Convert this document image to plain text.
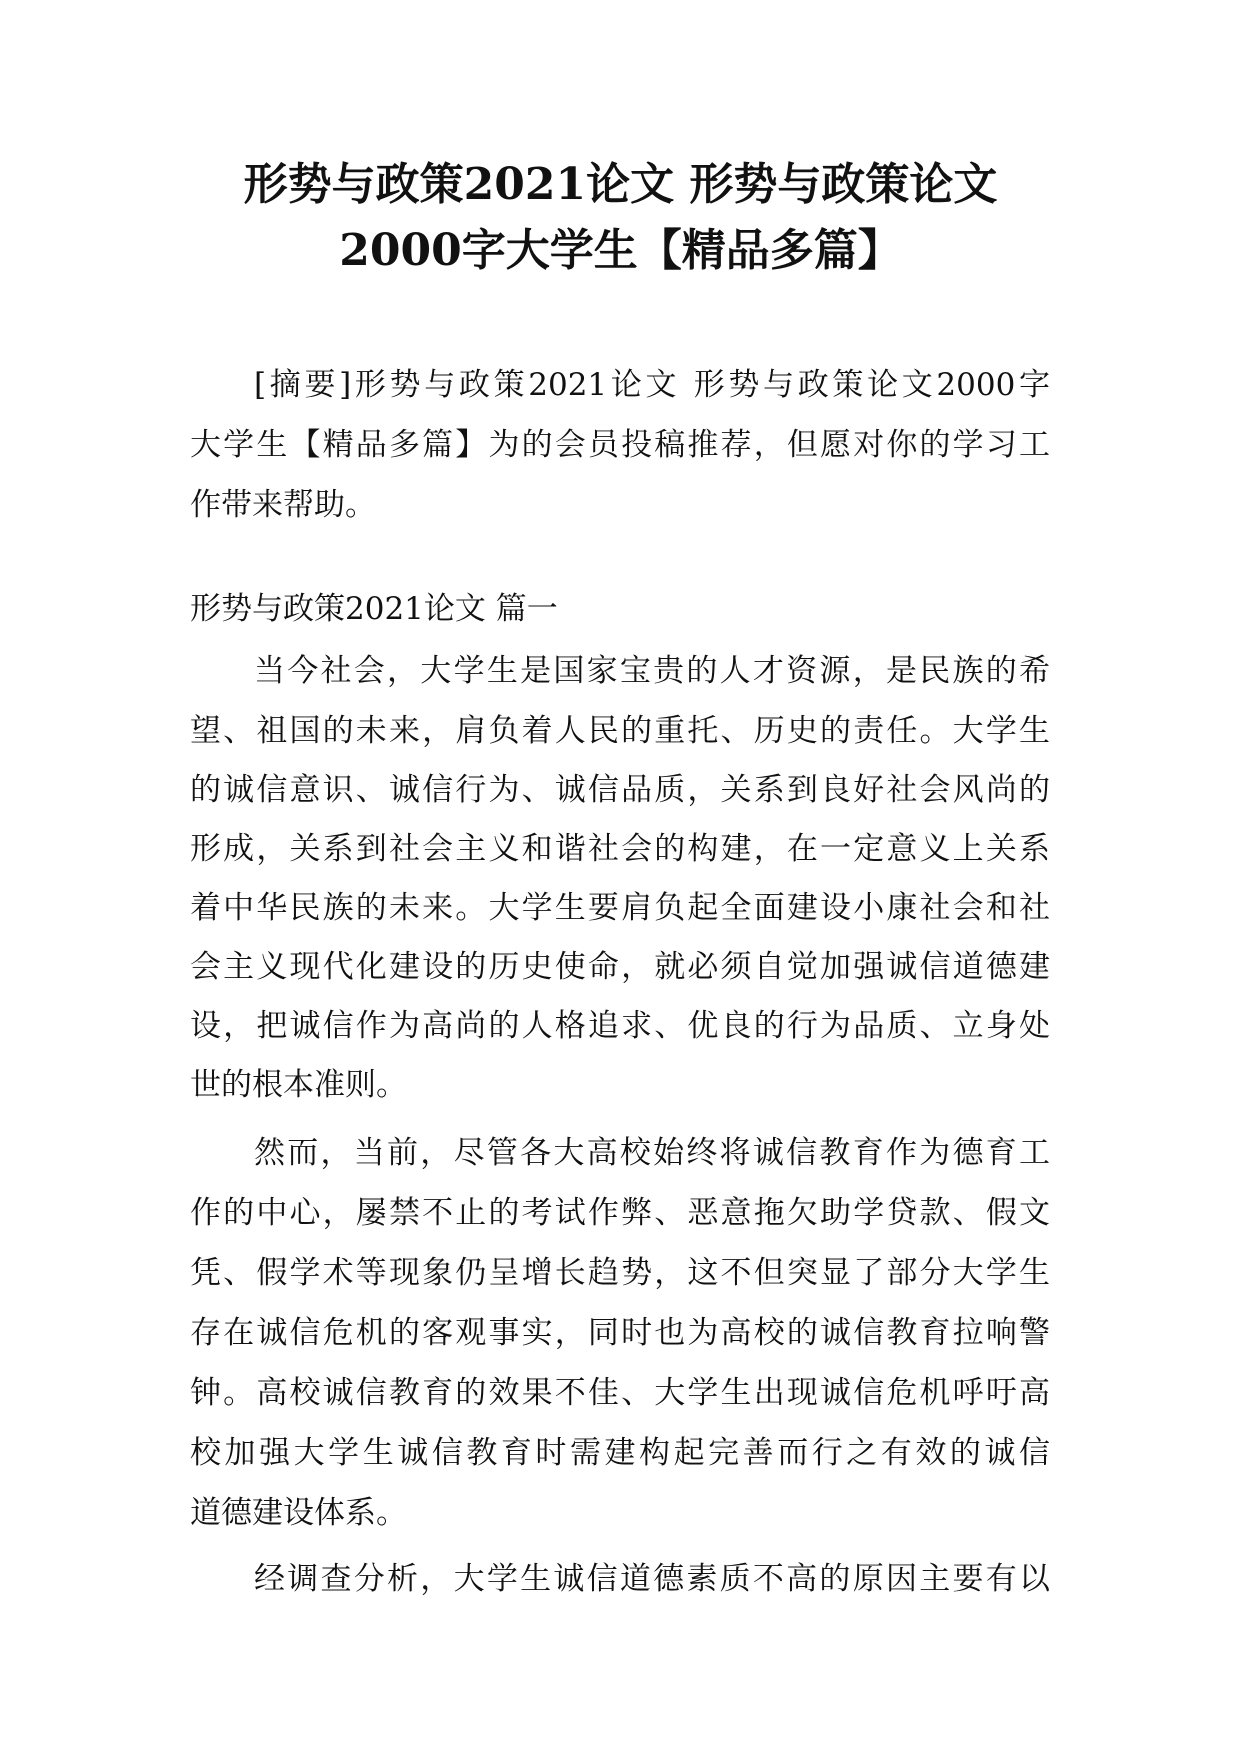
形势与政策2021论文 形势与政策论文
2000字大学生【精品多篇】

[摘要]形势与政策2021论文 形势与政策论文2000字

大学生【精品多篇】为的会员投稿推荐，但愿对你的学习工

作带来帮助。

形势与政策2021论文 篇一

当今社会，大学生是国家宝贵的人才资源，是民族的希

望、祖国的未来，肩负着人民的重托、历史的责任。大学生

的诚信意识、诚信行为、诚信品质，关系到良好社会风尚的

形成，关系到社会主义和谐社会的构建，在一定意义上关系

着中华民族的未来。大学生要肩负起全面建设小康社会和社

会主义现代化建设的历史使命，就必须自觉加强诚信道德建

设，把诚信作为高尚的人格追求、优良的行为品质、立身处

世的根本准则。

然而，当前，尽管各大高校始终将诚信教育作为德育工

作的中心，屡禁不止的考试作弊、恶意拖欠助学贷款、假文

凭、假学术等现象仍呈增长趋势，这不但突显了部分大学生

存在诚信危机的客观事实，同时也为高校的诚信教育拉响警

钟。高校诚信教育的效果不佳、大学生出现诚信危机呼吁高

校加强大学生诚信教育时需建构起完善而行之有效的诚信

道德建设体系。

经调查分析，大学生诚信道德素质不高的原因主要有以
